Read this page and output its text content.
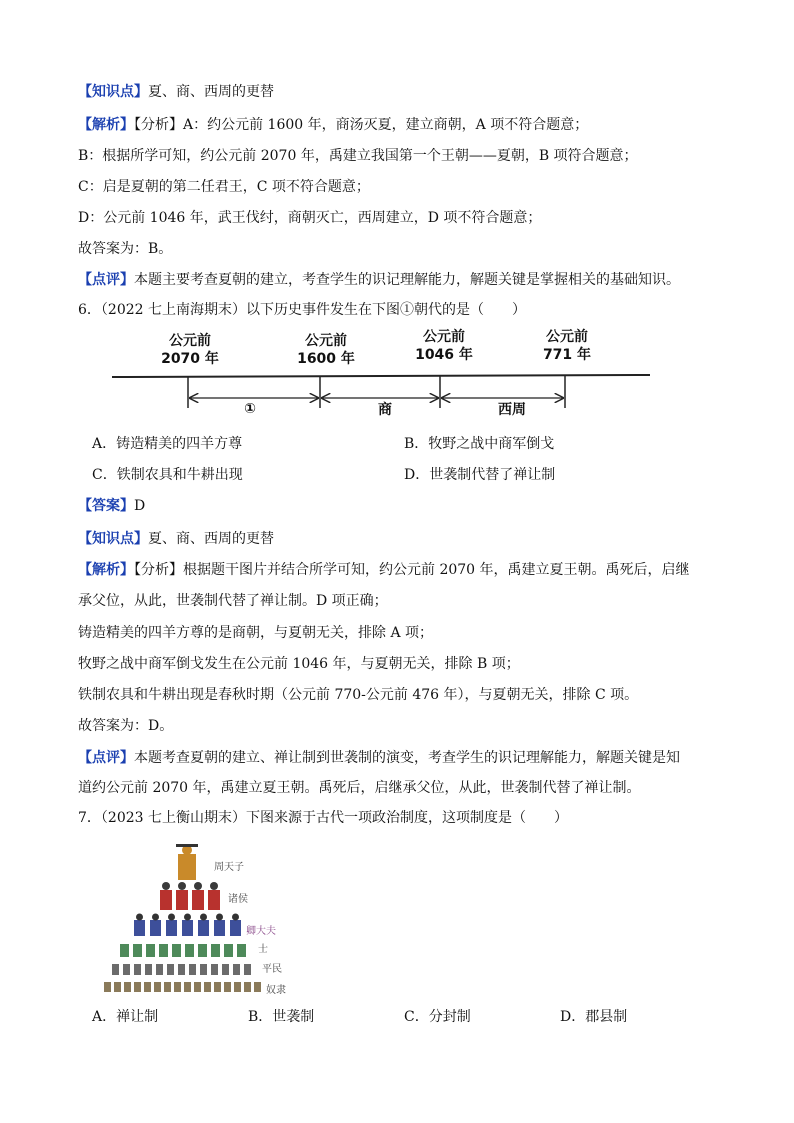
【知识点】夏、商、西周的更替
【解析】【分析】A：约公元前 1600 年，商汤灭夏，建立商朝，A 项不符合题意；
B：根据所学可知，约公元前 2070 年，禹建立我国第一个王朝——夏朝，B 项符合题意；
C：启是夏朝的第二任君王，C 项不符合题意；
D：公元前 1046 年，武王伐纣，商朝灭亡，西周建立，D 项不符合题意；
故答案为：B。
【点评】本题主要考查夏朝的建立，考查学生的识记理解能力，解题关键是掌握相关的基础知识。
6．（2022 七上南海期末）以下历史事件发生在下图①朝代的是（　　）
公元前
2070 年
公元前
1600 年
公元前
1046 年
公元前
771 年
①	商	西周
A．铸造精美的四羊方尊	B．牧野之战中商军倒戈
C．铁制农具和牛耕出现	D．世袭制代替了禅让制
【答案】D
【知识点】夏、商、西周的更替
【解析】【分析】根据题干图片并结合所学可知，约公元前 2070 年，禹建立夏王朝。禹死后，启继
承父位，从此，世袭制代替了禅让制。D 项正确；
铸造精美的四羊方尊的是商朝，与夏朝无关，排除 A 项；
牧野之战中商军倒戈发生在公元前 1046 年，与夏朝无关，排除 B 项；
铁制农具和牛耕出现是春秋时期（公元前 770-公元前 476 年），与夏朝无关，排除 C 项。
故答案为：D。
【点评】本题考查夏朝的建立、禅让制到世袭制的演变，考查学生的识记理解能力，解题关键是知
道约公元前 2070 年，禹建立夏王朝。禹死后，启继承父位，从此，世袭制代替了禅让制。
7．（2023 七上衡山期末）下图来源于古代一项政治制度，这项制度是（　　）
周天子
诸侯
卿大夫
士
平民
奴隶
A．禅让制	B．世袭制	C．分封制	D．郡县制
